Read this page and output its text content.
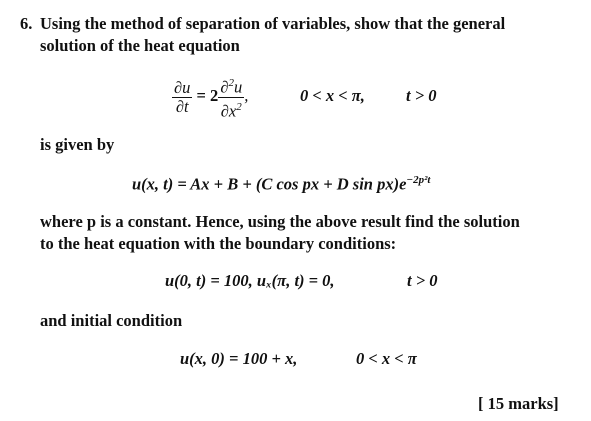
6. Using the method of separation of variables, show that the general
solution of the heat equation
$\frac{\partial u}{\partial t} = 2 \frac{\partial^2u}{\partial x^2}$ ,	0 < x < π, t > 0
is given by
u(x, t) = Ax + B + (C cos px + D $\sin px)e^{-2p^2t}$
where p is a constant. Hence, using the above result find the solution
to the heat equation with the boundary conditions:
u(0, t) = 100, uₓ(π, t) = 0,	t > 0
and initial condition
u(x, 0) = 100 + x,	0 < x < π
[ 15 marks]
